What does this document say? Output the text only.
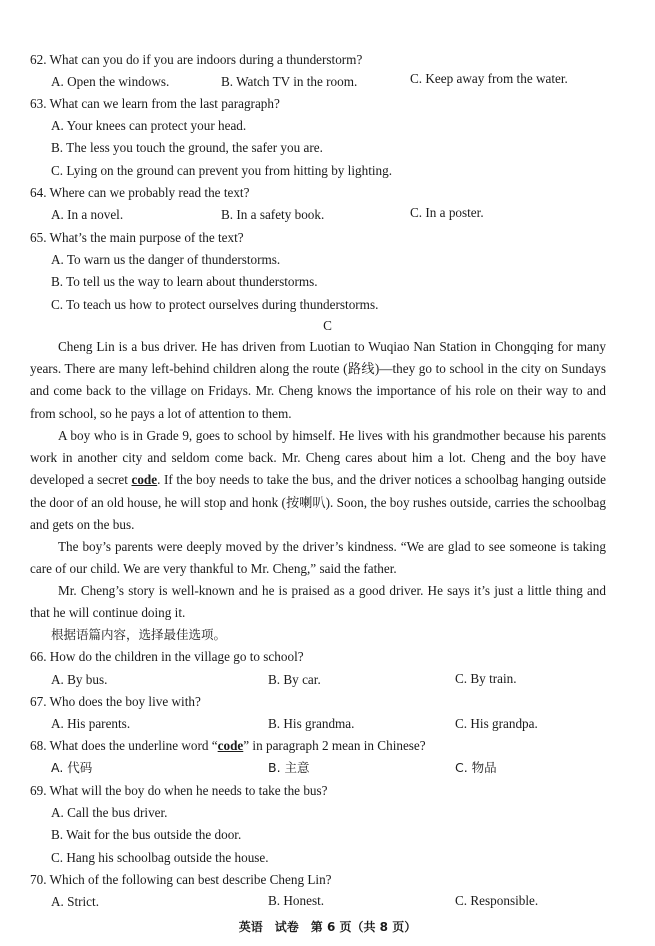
62. What can you do if you are indoors during a thunderstorm?
A. Open the windows.	B. Watch TV in the room.	C. Keep away from the water.
63. What can we learn from the last paragraph?
A. Your knees can protect your head.
B. The less you touch the ground, the safer you are.
C. Lying on the ground can prevent you from hitting by lighting.
64. Where can we probably read the text?
A. In a novel.	B. In a safety book.	C. In a poster.
65. What’s the main purpose of the text?
A. To warn us the danger of thunderstorms.
B. To tell us the way to learn about thunderstorms.
C. To teach us how to protect ourselves during thunderstorms.
C
Cheng Lin is a bus driver. He has driven from Luotian to Wuqiao Nan Station in Chongqing for many years. There are many left-behind children along the route (路线)—they go to school in the city on Sundays and come back to the village on Fridays. Mr. Cheng knows the importance of his role on their way to and from school, so he pays a lot of attention to them.
A boy who is in Grade 9, goes to school by himself. He lives with his grandmother because his parents work in another city and seldom come back. Mr. Cheng cares about him a lot. Cheng and the boy have developed a secret code. If the boy needs to take the bus, and the driver notices a schoolbag hanging outside the door of an old house, he will stop and honk (按喇叭). Soon, the boy rushes outside, carries the schoolbag and gets on the bus.
The boy’s parents were deeply moved by the driver’s kindness. “We are glad to see someone is taking care of our child. We are very thankful to Mr. Cheng,” said the father.
Mr. Cheng’s story is well-known and he is praised as a good driver. He says it’s just a little thing and that he will continue doing it.
根据语篇内容，选择最佳选项。
66. How do the children in the village go to school?
A. By bus.	B. By car.	C. By train.
67. Who does the boy live with?
A. His parents.	B. His grandma.	C. His grandpa.
68. What does the underline word “code” in paragraph 2 mean in Chinese?
A. 代码	B. 主意	C. 物品
69. What will the boy do when he needs to take the bus?
A. Call the bus driver.
B. Wait for the bus outside the door.
C. Hang his schoolbag outside the house.
70. Which of the following can best describe Cheng Lin?
A. Strict.	B. Honest.	C. Responsible.
英语　试卷　第 6 页（共 8 页）
